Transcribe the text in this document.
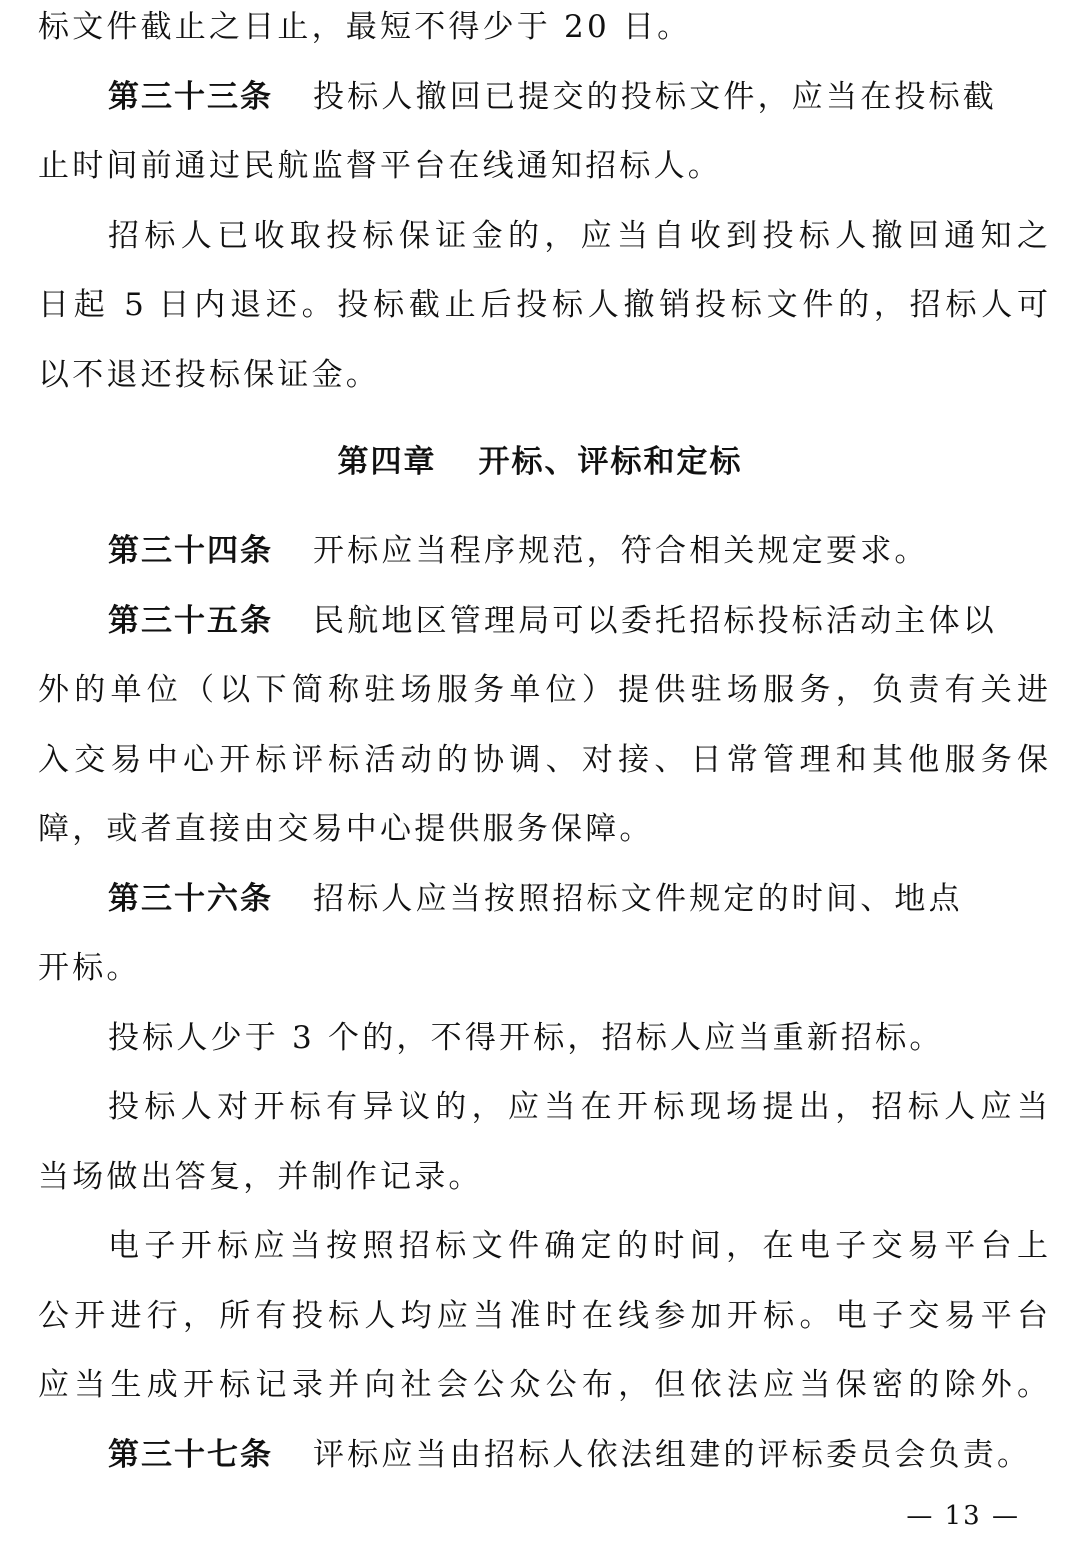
标文件截止之日止，最短不得少于 20 日。
第三十三条 投标人撤回已提交的投标文件，应当在投标截
止时间前通过民航监督平台在线通知招标人。
招标人已收取投标保证金的，应当自收到投标人撤回通知之
日起 5 日内退还。投标截止后投标人撤销投标文件的，招标人可
以不退还投标保证金。
第四章 开标、评标和定标
第三十四条 开标应当程序规范，符合相关规定要求。
第三十五条 民航地区管理局可以委托招标投标活动主体以
外的单位（以下简称驻场服务单位）提供驻场服务，负责有关进
入交易中心开标评标活动的协调、对接、日常管理和其他服务保
障，或者直接由交易中心提供服务保障。
第三十六条 招标人应当按照招标文件规定的时间、地点
开标。
投标人少于 3 个的，不得开标，招标人应当重新招标。
投标人对开标有异议的，应当在开标现场提出，招标人应当
当场做出答复，并制作记录。
电子开标应当按照招标文件确定的时间，在电子交易平台上
公开进行，所有投标人均应当准时在线参加开标。电子交易平台
应当生成开标记录并向社会公众公布，但依法应当保密的除外。
第三十七条 评标应当由招标人依法组建的评标委员会负责。
— 13 —
